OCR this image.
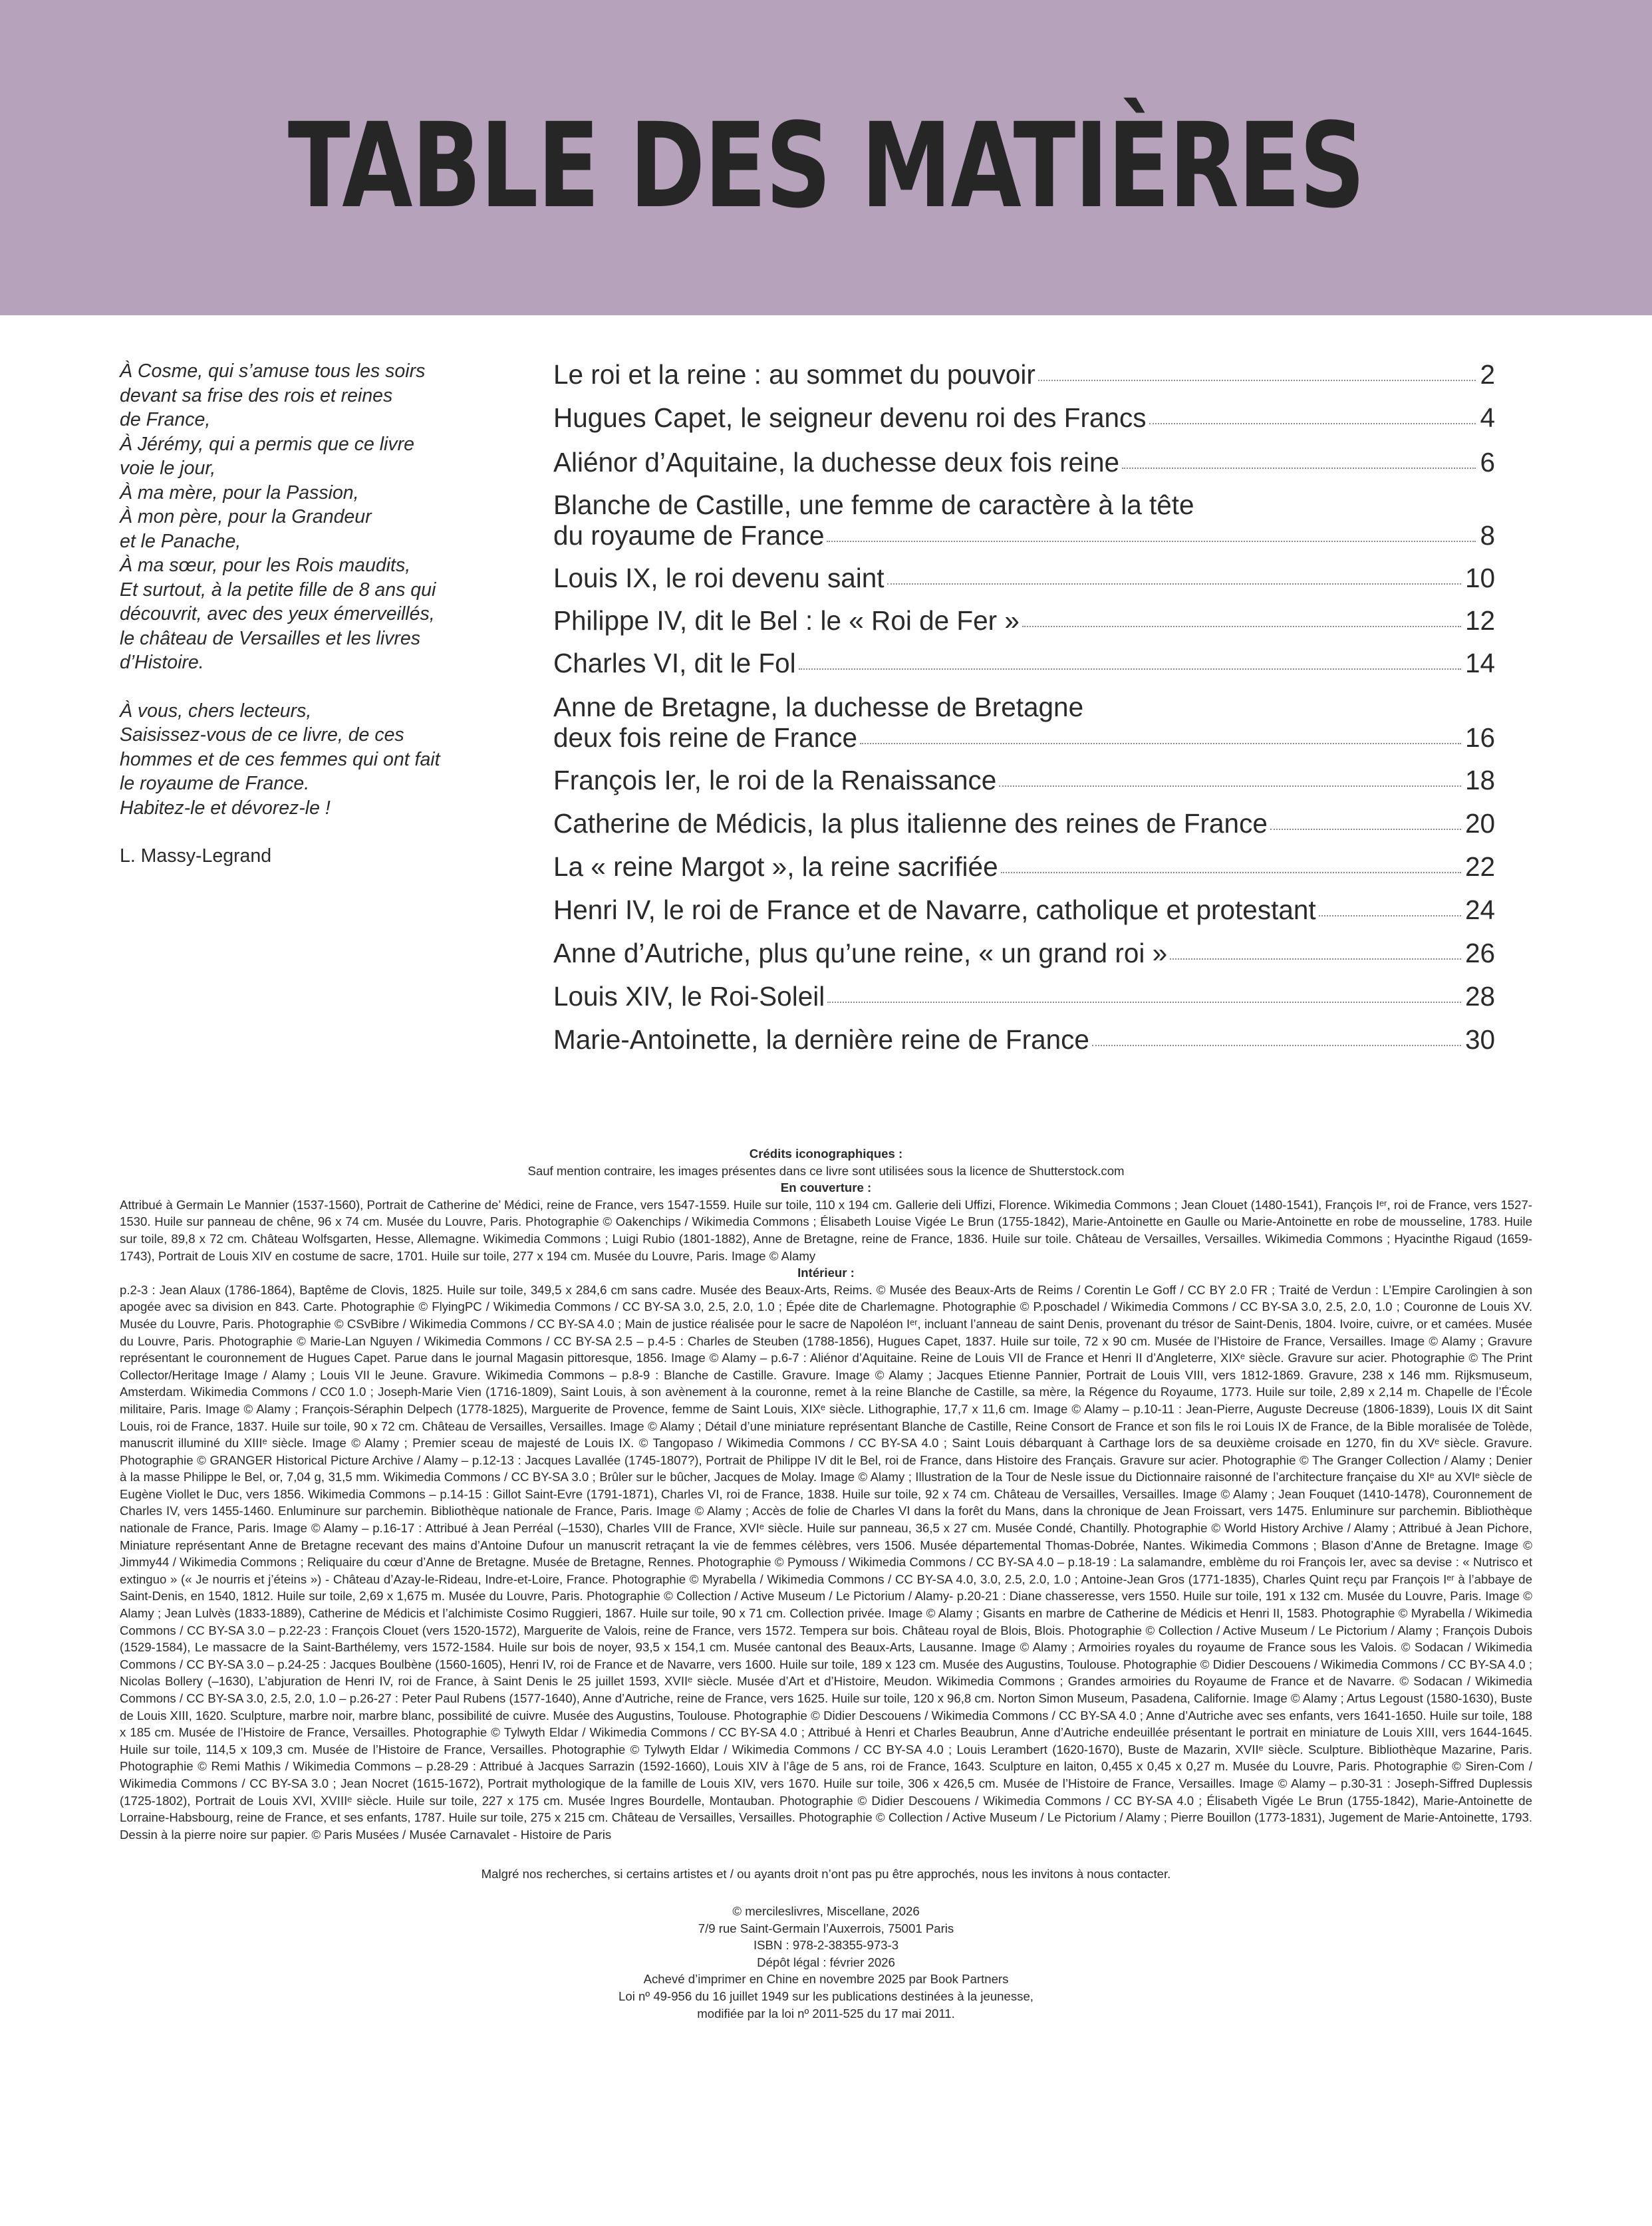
TABLE DES MATIÈRES
À Cosme, qui s’amuse tous les soirs
devant sa frise des rois et reines
de France,
À Jérémy, qui a permis que ce livre
voie le jour,
À ma mère, pour la Passion,
À mon père, pour la Grandeur
et le Panache,
À ma sœur, pour les Rois maudits,
Et surtout, à la petite fille de 8 ans qui
découvrit, avec des yeux émerveillés,
le château de Versailles et les livres
d’Histoire.
À vous, chers lecteurs,
Saisissez-vous de ce livre, de ces
hommes et de ces femmes qui ont fait
le royaume de France.
Habitez-le et dévorez-le !
L. Massy-Legrand
Le roi et la reine : au sommet du pouvoir	2
Hugues Capet, le seigneur devenu roi des Francs	4
Aliénor d’Aquitaine, la duchesse deux fois reine	6
Blanche de Castille, une femme de caractère à la tête
du royaume de France	8
Louis IX, le roi devenu saint	10
Philippe IV, dit le Bel : le « Roi de Fer »	12
Charles VI, dit le Fol	14
Anne de Bretagne, la duchesse de Bretagne
deux fois reine de France	16
François Ier, le roi de la Renaissance	18
Catherine de Médicis, la plus italienne des reines de France	20
La « reine Margot », la reine sacrifiée	22
Henri IV, le roi de France et de Navarre, catholique et protestant	24
Anne d’Autriche, plus qu’une reine, « un grand roi »	26
Louis XIV, le Roi-Soleil	28
Marie-Antoinette, la dernière reine de France	30
Crédits iconographiques :
Sauf mention contraire, les images présentes dans ce livre sont utilisées sous la licence de Shutterstock.com
En couverture :
Attribué à Germain Le Mannier (1537-1560), Portrait de Catherine de’ Médici, reine de France, vers 1547-1559. Huile sur toile, 110 x 194 cm. Gallerie deli Uffizi, Florence. Wikimedia Commons ; Jean Clouet (1480-1541), François Iᵉʳ, roi de France, vers 1527-1530. Huile sur panneau de chêne, 96 x 74 cm. Musée du Louvre, Paris. Photographie © Oakenchips / Wikimedia Commons ; Élisabeth Louise Vigée Le Brun (1755-1842), Marie-Antoinette en Gaulle ou Marie-Antoinette en robe de mousseline, 1783. Huile sur toile, 89,8 x 72 cm. Château Wolfsgarten, Hesse, Allemagne. Wikimedia Commons ; Luigi Rubio (1801-1882), Anne de Bretagne, reine de France, 1836. Huile sur toile. Château de Versailles, Versailles. Wikimedia Commons ; Hyacinthe Rigaud (1659-1743), Portrait de Louis XIV en costume de sacre, 1701. Huile sur toile, 277 x 194 cm. Musée du Louvre, Paris. Image © Alamy
Intérieur :
p.2-3 : Jean Alaux (1786-1864), Baptême de Clovis, 1825. Huile sur toile, 349,5 x 284,6 cm sans cadre. Musée des Beaux-Arts, Reims. © Musée des Beaux-Arts de Reims / Corentin Le Goff / CC BY 2.0 FR ; Traité de Verdun : L’Empire Carolingien à son apogée avec sa division en 843. Carte. Photographie © FlyingPC / Wikimedia Commons / CC BY-SA 3.0, 2.5, 2.0, 1.0 ; Épée dite de Charlemagne. Photographie © P.poschadel / Wikimedia Commons / CC BY-SA 3.0, 2.5, 2.0, 1.0 ; Couronne de Louis XV. Musée du Louvre, Paris. Photographie © CSvBibre / Wikimedia Commons / CC BY-SA 4.0 ; Main de justice réalisée pour le sacre de Napoléon Iᵉʳ, incluant l’anneau de saint Denis, provenant du trésor de Saint-Denis, 1804. Ivoire, cuivre, or et camées. Musée du Louvre, Paris. Photographie © Marie-Lan Nguyen / Wikimedia Commons / CC BY-SA 2.5 – p.4-5 : Charles de Steuben (1788-1856), Hugues Capet, 1837. Huile sur toile, 72 x 90 cm. Musée de l’Histoire de France, Versailles. Image © Alamy ; Gravure représentant le couronnement de Hugues Capet. Parue dans le journal Magasin pittoresque, 1856. Image © Alamy – p.6-7 : Aliénor d’Aquitaine. Reine de Louis VII de France et Henri II d’Angleterre, XIXᵉ siècle. Gravure sur acier. Photographie © The Print Collector/Heritage Image / Alamy ; Louis VII le Jeune. Gravure. Wikimedia Commons – p.8-9 : Blanche de Castille. Gravure. Image © Alamy ; Jacques Etienne Pannier, Portrait de Louis VIII, vers 1812-1869. Gravure, 238 x 146 mm. Rijksmuseum, Amsterdam. Wikimedia Commons / CC0 1.0 ; Joseph-Marie Vien (1716-1809), Saint Louis, à son avènement à la couronne, remet à la reine Blanche de Castille, sa mère, la Régence du Royaume, 1773. Huile sur toile, 2,89 x 2,14 m. Chapelle de l’École militaire, Paris. Image © Alamy ; François-Séraphin Delpech (1778-1825), Marguerite de Provence, femme de Saint Louis, XIXᵉ siècle. Lithographie, 17,7 x 11,6 cm. Image © Alamy – p.10-11 : Jean-Pierre, Auguste Decreuse (1806-1839), Louis IX dit Saint Louis, roi de France, 1837. Huile sur toile, 90 x 72 cm. Château de Versailles, Versailles. Image © Alamy ; Détail d’une miniature représentant Blanche de Castille, Reine Consort de France et son fils le roi Louis IX de France, de la Bible moralisée de Tolède, manuscrit illuminé du XIIIᵉ siècle. Image © Alamy ; Premier sceau de majesté de Louis IX. © Tangopaso / Wikimedia Commons / CC BY-SA 4.0 ; Saint Louis débarquant à Carthage lors de sa deuxième croisade en 1270, fin du XVᵉ siècle. Gravure. Photographie © GRANGER Historical Picture Archive / Alamy – p.12-13 : Jacques Lavallée (1745-1807?), Portrait de Philippe IV dit le Bel, roi de France, dans Histoire des Français. Gravure sur acier. Photographie © The Granger Collection / Alamy ; Denier à la masse Philippe le Bel, or, 7,04 g, 31,5 mm. Wikimedia Commons / CC BY-SA 3.0 ; Brûler sur le bûcher, Jacques de Molay. Image © Alamy ; Illustration de la Tour de Nesle issue du Dictionnaire raisonné de l’architecture française du XIᵉ au XVIᵉ siècle de Eugène Viollet le Duc, vers 1856. Wikimedia Commons – p.14-15 : Gillot Saint-Evre (1791-1871), Charles VI, roi de France, 1838. Huile sur toile, 92 x 74 cm. Château de Versailles, Versailles. Image © Alamy ; Jean Fouquet (1410-1478), Couronnement de Charles IV, vers 1455-1460. Enluminure sur parchemin. Bibliothèque nationale de France, Paris. Image © Alamy ; Accès de folie de Charles VI dans la forêt du Mans, dans la chronique de Jean Froissart, vers 1475. Enluminure sur parchemin. Bibliothèque nationale de France, Paris. Image © Alamy – p.16-17 : Attribué à Jean Perréal (–1530), Charles VIII de France, XVIᵉ siècle. Huile sur panneau, 36,5 x 27 cm. Musée Condé, Chantilly. Photographie © World History Archive / Alamy ; Attribué à Jean Pichore, Miniature représentant Anne de Bretagne recevant des mains d’Antoine Dufour un manuscrit retraçant la vie de femmes célèbres, vers 1506. Musée départemental Thomas-Dobrée, Nantes. Wikimedia Commons ; Blason d’Anne de Bretagne. Image © Jimmy44 / Wikimedia Commons ; Reliquaire du cœur d’Anne de Bretagne. Musée de Bretagne, Rennes. Photographie © Pymouss / Wikimedia Commons / CC BY-SA 4.0 – p.18-19 : La salamandre, emblème du roi François Ier, avec sa devise : « Nutrisco et extinguo » (« Je nourris et j’éteins ») - Château d’Azay-le-Rideau, Indre-et-Loire, France. Photographie © Myrabella / Wikimedia Commons / CC BY-SA 4.0, 3.0, 2.5, 2.0, 1.0 ; Antoine-Jean Gros (1771-1835), Charles Quint reçu par François Iᵉʳ à l’abbaye de Saint-Denis, en 1540, 1812. Huile sur toile, 2,69 x 1,675 m. Musée du Louvre, Paris. Photographie © Collection / Active Museum / Le Pictorium / Alamy- p.20-21 : Diane chasseresse, vers 1550. Huile sur toile, 191 x 132 cm. Musée du Louvre, Paris. Image © Alamy ; Jean Lulvès (1833-1889), Catherine de Médicis et l’alchimiste Cosimo Ruggieri, 1867. Huile sur toile, 90 x 71 cm. Collection privée. Image © Alamy ; Gisants en marbre de Catherine de Médicis et Henri II, 1583. Photographie © Myrabella / Wikimedia Commons / CC BY-SA 3.0 – p.22-23 : François Clouet (vers 1520-1572), Marguerite de Valois, reine de France, vers 1572. Tempera sur bois. Château royal de Blois, Blois. Photographie © Collection / Active Museum / Le Pictorium / Alamy ; François Dubois (1529-1584), Le massacre de la Saint-Barthélemy, vers 1572-1584. Huile sur bois de noyer, 93,5 x 154,1 cm. Musée cantonal des Beaux-Arts, Lausanne. Image © Alamy ; Armoiries royales du royaume de France sous les Valois. © Sodacan / Wikimedia Commons / CC BY-SA 3.0 – p.24-25 : Jacques Boulbène (1560-1605), Henri IV, roi de France et de Navarre, vers 1600. Huile sur toile, 189 x 123 cm. Musée des Augustins, Toulouse. Photographie © Didier Descouens / Wikimedia Commons / CC BY-SA 4.0 ; Nicolas Bollery (–1630), L’abjuration de Henri IV, roi de France, à Saint Denis le 25 juillet 1593, XVIIᵉ siècle. Musée d’Art et d’Histoire, Meudon. Wikimedia Commons ; Grandes armoiries du Royaume de France et de Navarre. © Sodacan / Wikimedia Commons / CC BY-SA 3.0, 2.5, 2.0, 1.0 – p.26-27 : Peter Paul Rubens (1577-1640), Anne d’Autriche, reine de France, vers 1625. Huile sur toile, 120 x 96,8 cm. Norton Simon Museum, Pasadena, Californie. Image © Alamy ; Artus Legoust (1580-1630), Buste de Louis XIII, 1620. Sculpture, marbre noir, marbre blanc, possibilité de cuivre. Musée des Augustins, Toulouse. Photographie © Didier Descouens / Wikimedia Commons / CC BY-SA 4.0 ; Anne d’Autriche avec ses enfants, vers 1641-1650. Huile sur toile, 188 x 185 cm. Musée de l’Histoire de France, Versailles. Photographie © Tylwyth Eldar / Wikimedia Commons / CC BY-SA 4.0 ; Attribué à Henri et Charles Beaubrun, Anne d’Autriche endeuillée présentant le portrait en miniature de Louis XIII, vers 1644-1645. Huile sur toile, 114,5 x 109,3 cm. Musée de l’Histoire de France, Versailles. Photographie © Tylwyth Eldar / Wikimedia Commons / CC BY-SA 4.0 ; Louis Lerambert (1620-1670), Buste de Mazarin, XVIIᵉ siècle. Sculpture. Bibliothèque Mazarine, Paris. Photographie © Remi Mathis / Wikimedia Commons – p.28-29 : Attribué à Jacques Sarrazin (1592-1660), Louis XIV à l’âge de 5 ans, roi de France, 1643. Sculpture en laiton, 0,455 x 0,45 x 0,27 m. Musée du Louvre, Paris. Photographie © Siren-Com / Wikimedia Commons / CC BY-SA 3.0 ; Jean Nocret (1615-1672), Portrait mythologique de la famille de Louis XIV, vers 1670. Huile sur toile, 306 x 426,5 cm. Musée de l’Histoire de France, Versailles. Image © Alamy – p.30-31 : Joseph-Siffred Duplessis (1725-1802), Portrait de Louis XVI, XVIIIᵉ siècle. Huile sur toile, 227 x 175 cm. Musée Ingres Bourdelle, Montauban. Photographie © Didier Descouens / Wikimedia Commons / CC BY-SA 4.0 ; Élisabeth Vigée Le Brun (1755-1842), Marie-Antoinette de Lorraine-Habsbourg, reine de France, et ses enfants, 1787. Huile sur toile, 275 x 215 cm. Château de Versailles, Versailles. Photographie © Collection / Active Museum / Le Pictorium / Alamy ; Pierre Bouillon (1773-1831), Jugement de Marie-Antoinette, 1793. Dessin à la pierre noire sur papier. © Paris Musées / Musée Carnavalet - Histoire de Paris
Malgré nos recherches, si certains artistes et / ou ayants droit n’ont pas pu être approchés, nous les invitons à nous contacter.
© mercileslivres, Miscellane, 2026
7/9 rue Saint-Germain l’Auxerrois, 75001 Paris
ISBN : 978-2-38355-973-3
Dépôt légal : février 2026
Achevé d’imprimer en Chine en novembre 2025 par Book Partners
Loi nº 49-956 du 16 juillet 1949 sur les publications destinées à la jeunesse,
modifiée par la loi nº 2011-525 du 17 mai 2011.
